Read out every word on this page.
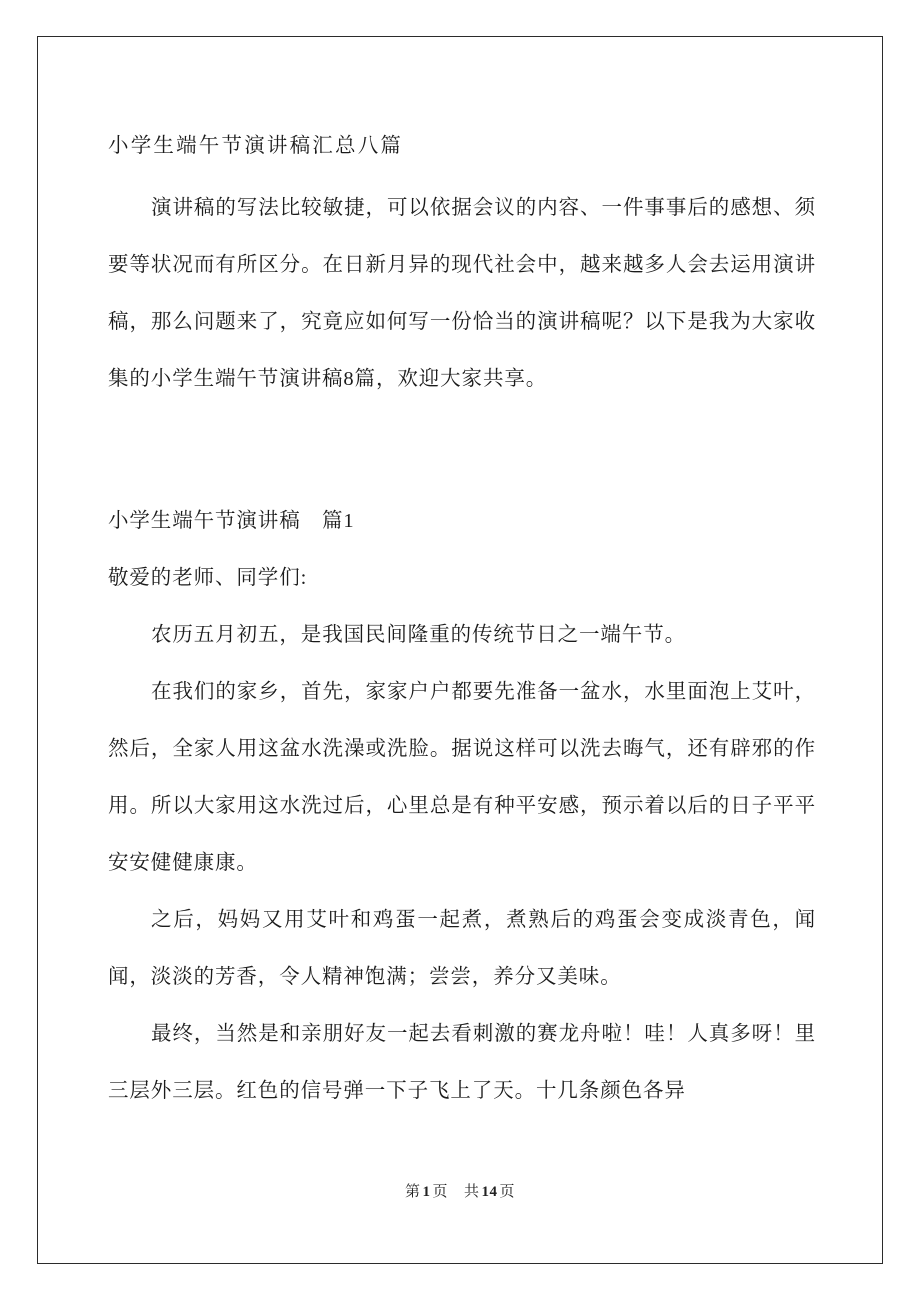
小学生端午节演讲稿汇总八篇

演讲稿的写法比较敏捷，可以依据会议的内容、一件事事后的感想、须要等状况而有所区分。在日新月异的现代社会中，越来越多人会去运用演讲稿，那么问题来了，究竟应如何写一份恰当的演讲稿呢？以下是我为大家收集的小学生端午节演讲稿8篇，欢迎大家共享。

小学生端午节演讲稿　篇1

敬爱的老师、同学们:

农历五月初五，是我国民间隆重的传统节日之一端午节。

在我们的家乡，首先，家家户户都要先准备一盆水，水里面泡上艾叶，然后，全家人用这盆水洗澡或洗脸。据说这样可以洗去晦气，还有辟邪的作用。所以大家用这水洗过后，心里总是有种平安感，预示着以后的日子平平安安健健康康。

之后，妈妈又用艾叶和鸡蛋一起煮，煮熟后的鸡蛋会变成淡青色，闻闻，淡淡的芳香，令人精神饱满；尝尝，养分又美味。

最终，当然是和亲朋好友一起去看刺激的赛龙舟啦！哇！人真多呀！里三层外三层。红色的信号弹一下子飞上了天。十几条颜色各异

第 1 页 共 14 页
